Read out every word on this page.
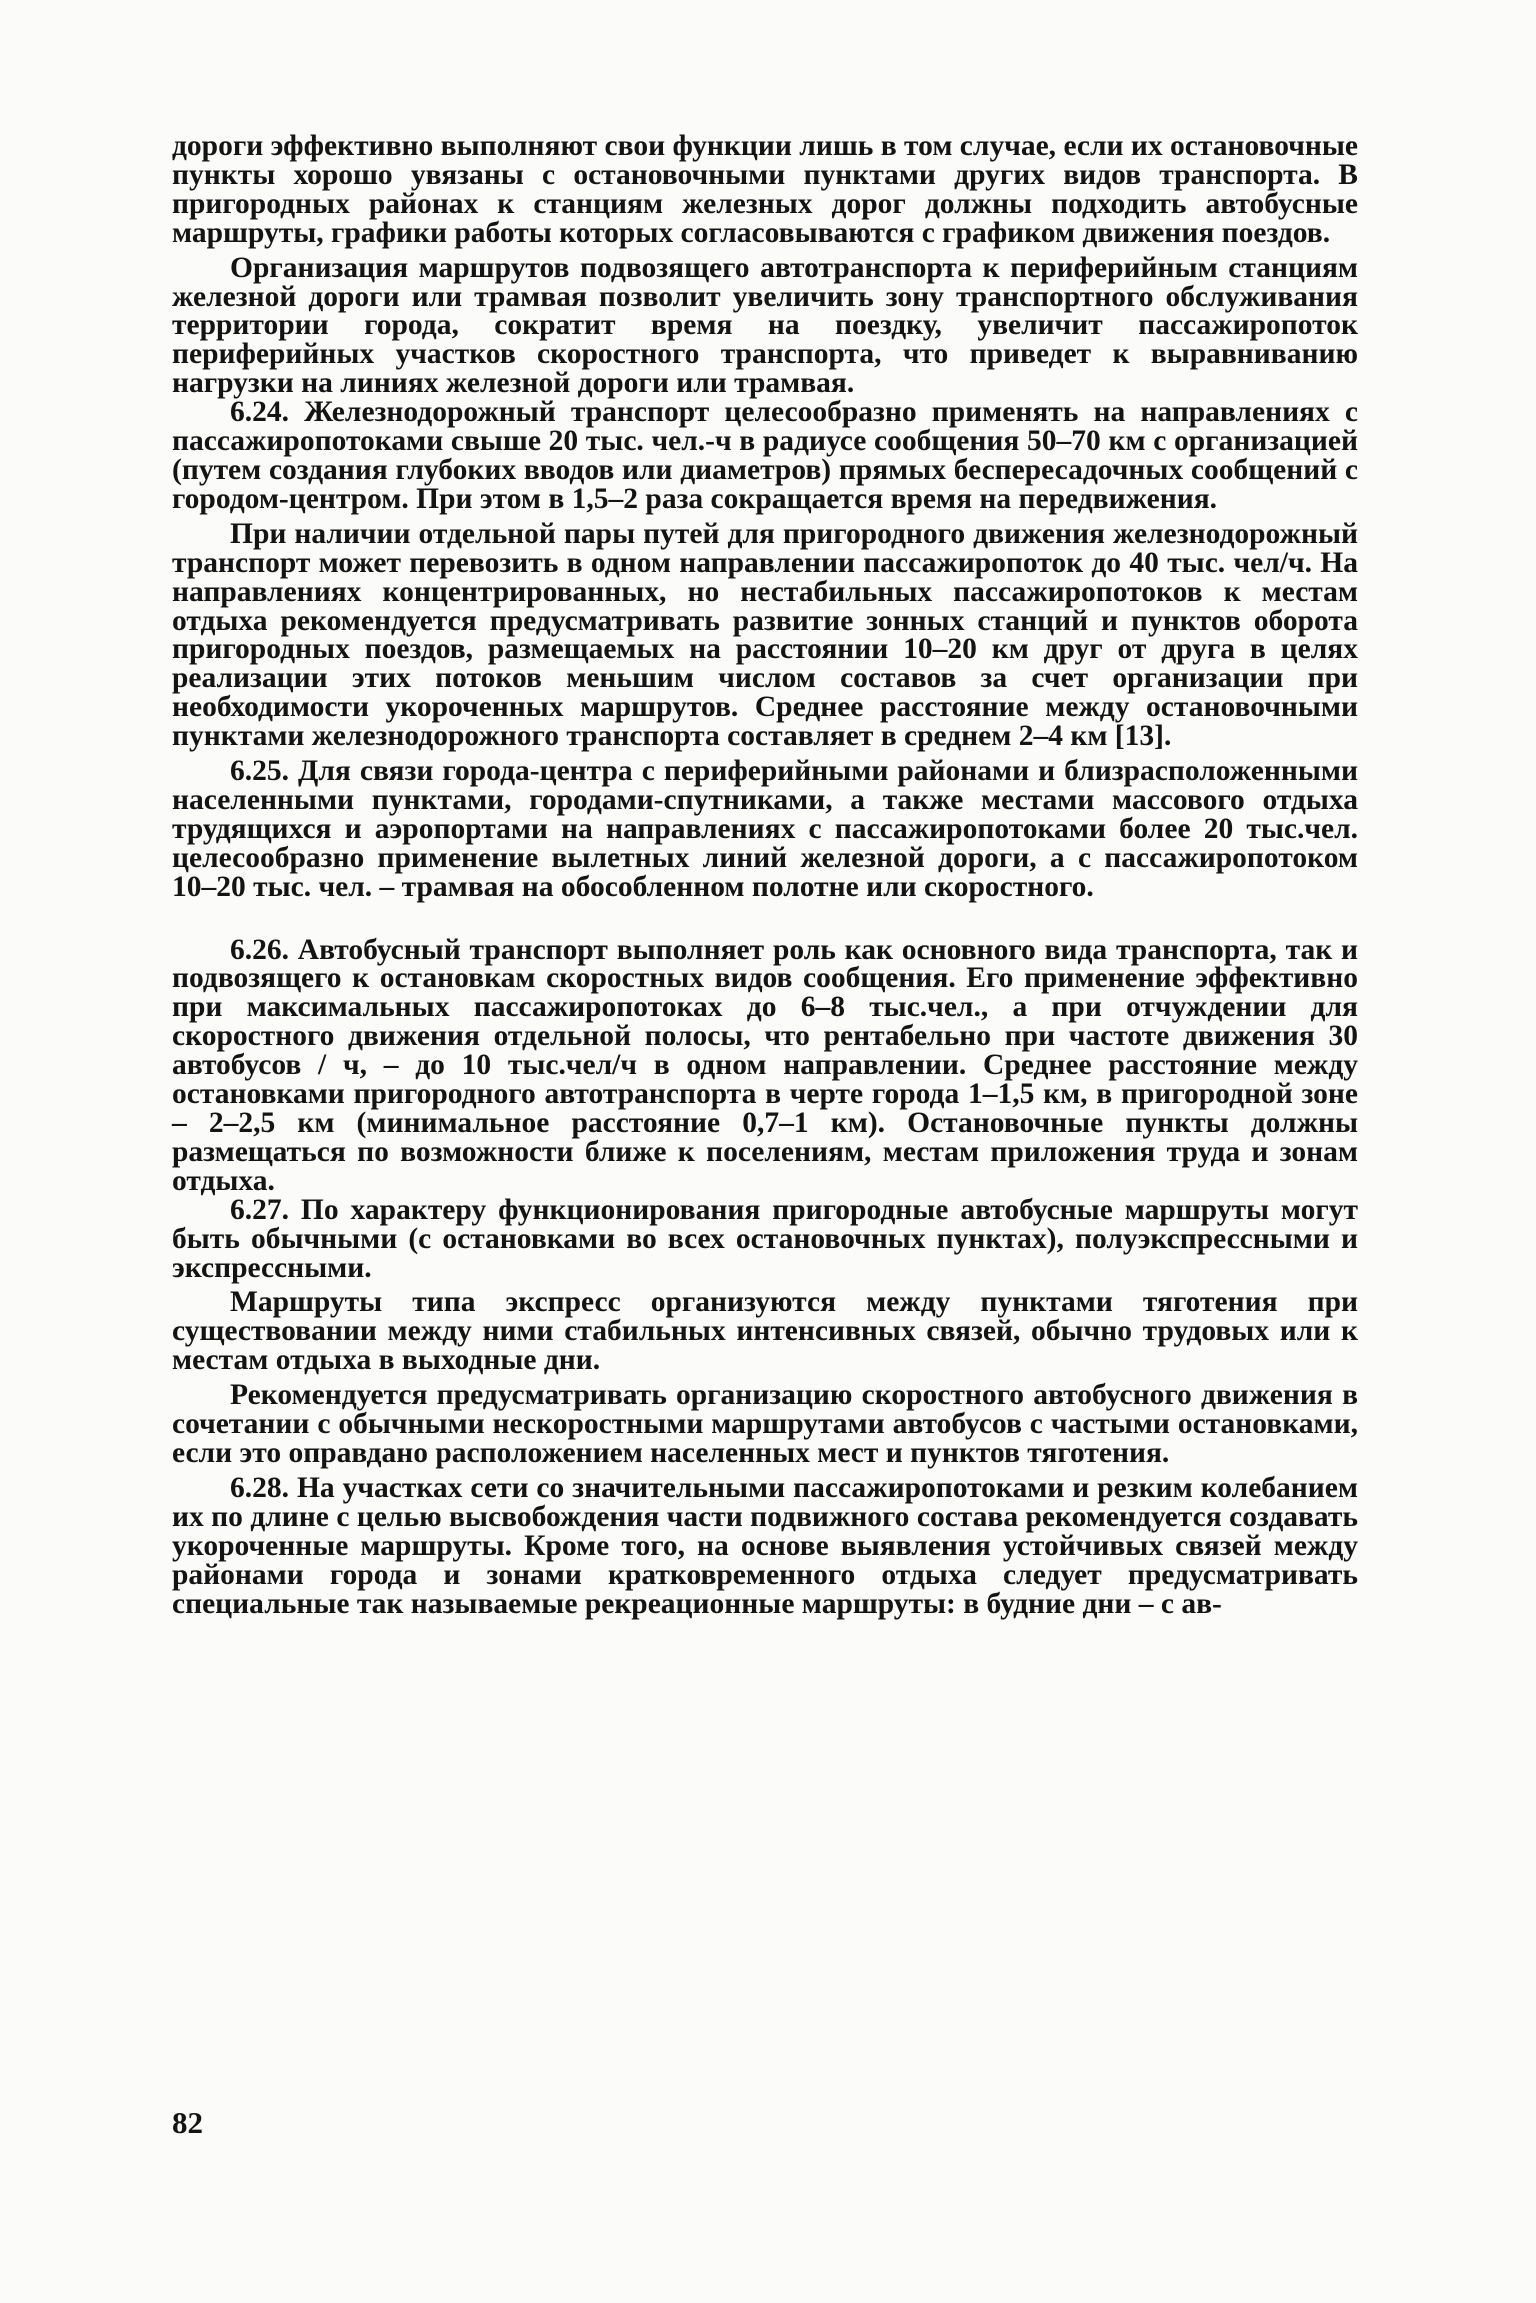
дороги эффективно выполняют свои функции лишь в том случае, если их остановочные пункты хорошо увязаны с остановочными пунктами других видов транспорта. В пригородных районах к станциям железных дорог должны подходить автобусные маршруты, графики работы которых согласовываются с графиком движения поездов.

Организация маршрутов подвозящего автотранспорта к периферийным станциям железной дороги или трамвая позволит увеличить зону транспортного обслуживания территории города, сократит время на поездку, увеличит пассажиропоток периферийных участков скоростного транспорта, что приведет к выравниванию нагрузки на линиях железной дороги или трамвая.

6.24. Железнодорожный транспорт целесообразно применять на направлениях с пассажиропотоками свыше 20 тыс. чел.-ч в радиусе сообщения 50–70 км с организацией (путем создания глубоких вводов или диаметров) прямых беспересадочных сообщений с городом-центром. При этом в 1,5–2 раза сокращается время на передвижения.

При наличии отдельной пары путей для пригородного движения железнодорожный транспорт может перевозить в одном направлении пассажиропоток до 40 тыс. чел/ч. На направлениях концентрированных, но нестабильных пассажиропотоков к местам отдыха рекомендуется предусматривать развитие зонных станций и пунктов оборота пригородных поездов, размещаемых на расстоянии 10–20 км друг от друга в целях реализации этих потоков меньшим числом составов за счет организации при необходимости укороченных маршрутов. Среднее расстояние между остановочными пунктами железнодорожного транспорта составляет в среднем 2–4 км [13].

6.25. Для связи города-центра с периферийными районами и близрасположенными населенными пунктами, городами-спутниками, а также местами массового отдыха трудящихся и аэропортами на направлениях с пассажиропотоками более 20 тыс.чел. целесообразно применение вылетных линий железной дороги, а с пассажиропотоком 10–20 тыс. чел. – трамвая на обособленном полотне или скоростного.

6.26. Автобусный транспорт выполняет роль как основного вида транспорта, так и подвозящего к остановкам скоростных видов сообщения. Его применение эффективно при максимальных пассажиропотоках до 6–8 тыс.чел., а при отчуждении для скоростного движения отдельной полосы, что рентабельно при частоте движения 30 автобусов / ч, – до 10 тыс.чел/ч в одном направлении. Среднее расстояние между остановками пригородного автотранспорта в черте города 1–1,5 км, в пригородной зоне – 2–2,5 км (минимальное расстояние 0,7–1 км). Остановочные пункты должны размещаться по возможности ближе к поселениям, местам приложения труда и зонам отдыха.

6.27. По характеру функционирования пригородные автобусные маршруты могут быть обычными (с остановками во всех остановочных пунктах), полуэкспрессными и экспрессными.

Маршруты типа экспресс организуются между пунктами тяготения при существовании между ними стабильных интенсивных связей, обычно трудовых или к местам отдыха в выходные дни.

Рекомендуется предусматривать организацию скоростного автобусного движения в сочетании с обычными нескоростными маршрутами автобусов с частыми остановками, если это оправдано расположением населенных мест и пунктов тяготения.

6.28. На участках сети со значительными пассажиропотоками и резким колебанием их по длине с целью высвобождения части подвижного состава рекомендуется создавать укороченные маршруты. Кроме того, на основе выявления устойчивых связей между районами города и зонами кратковременного отдыха следует предусматривать специальные так называемые рекреационные маршруты: в будние дни – с ав-

82
